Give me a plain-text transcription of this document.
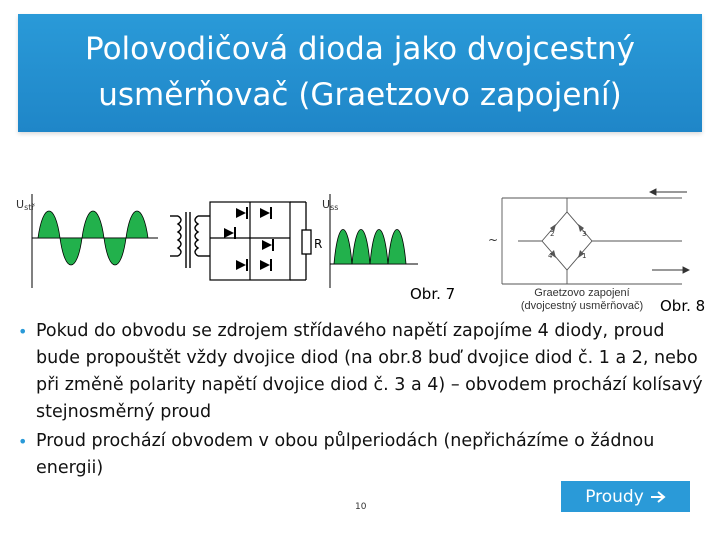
Polovodičová dioda jako dvojcestný
usměrňovač (Graetzovo zapojení)
Ustř
R
Uss
Obr. 7
2	3
4	1
~
Graetzovo zapojení
(dvojcestný usměrňovač)	Obr. 8
• Pokud do obvodu se zdrojem střídavého napětí zapojíme 4 diody, proud bude propouštět vždy dvojice diod (na obr.8 buď dvojice diod č. 1 a 2, nebo při změně polarity napětí dvojice diod č. 3 a 4) – obvodem prochází kolísavý stejnosměrný proud
• Proud prochází obvodem v obou půlperiodách (nepřicházíme o žádnou energii)
10
Proudy
